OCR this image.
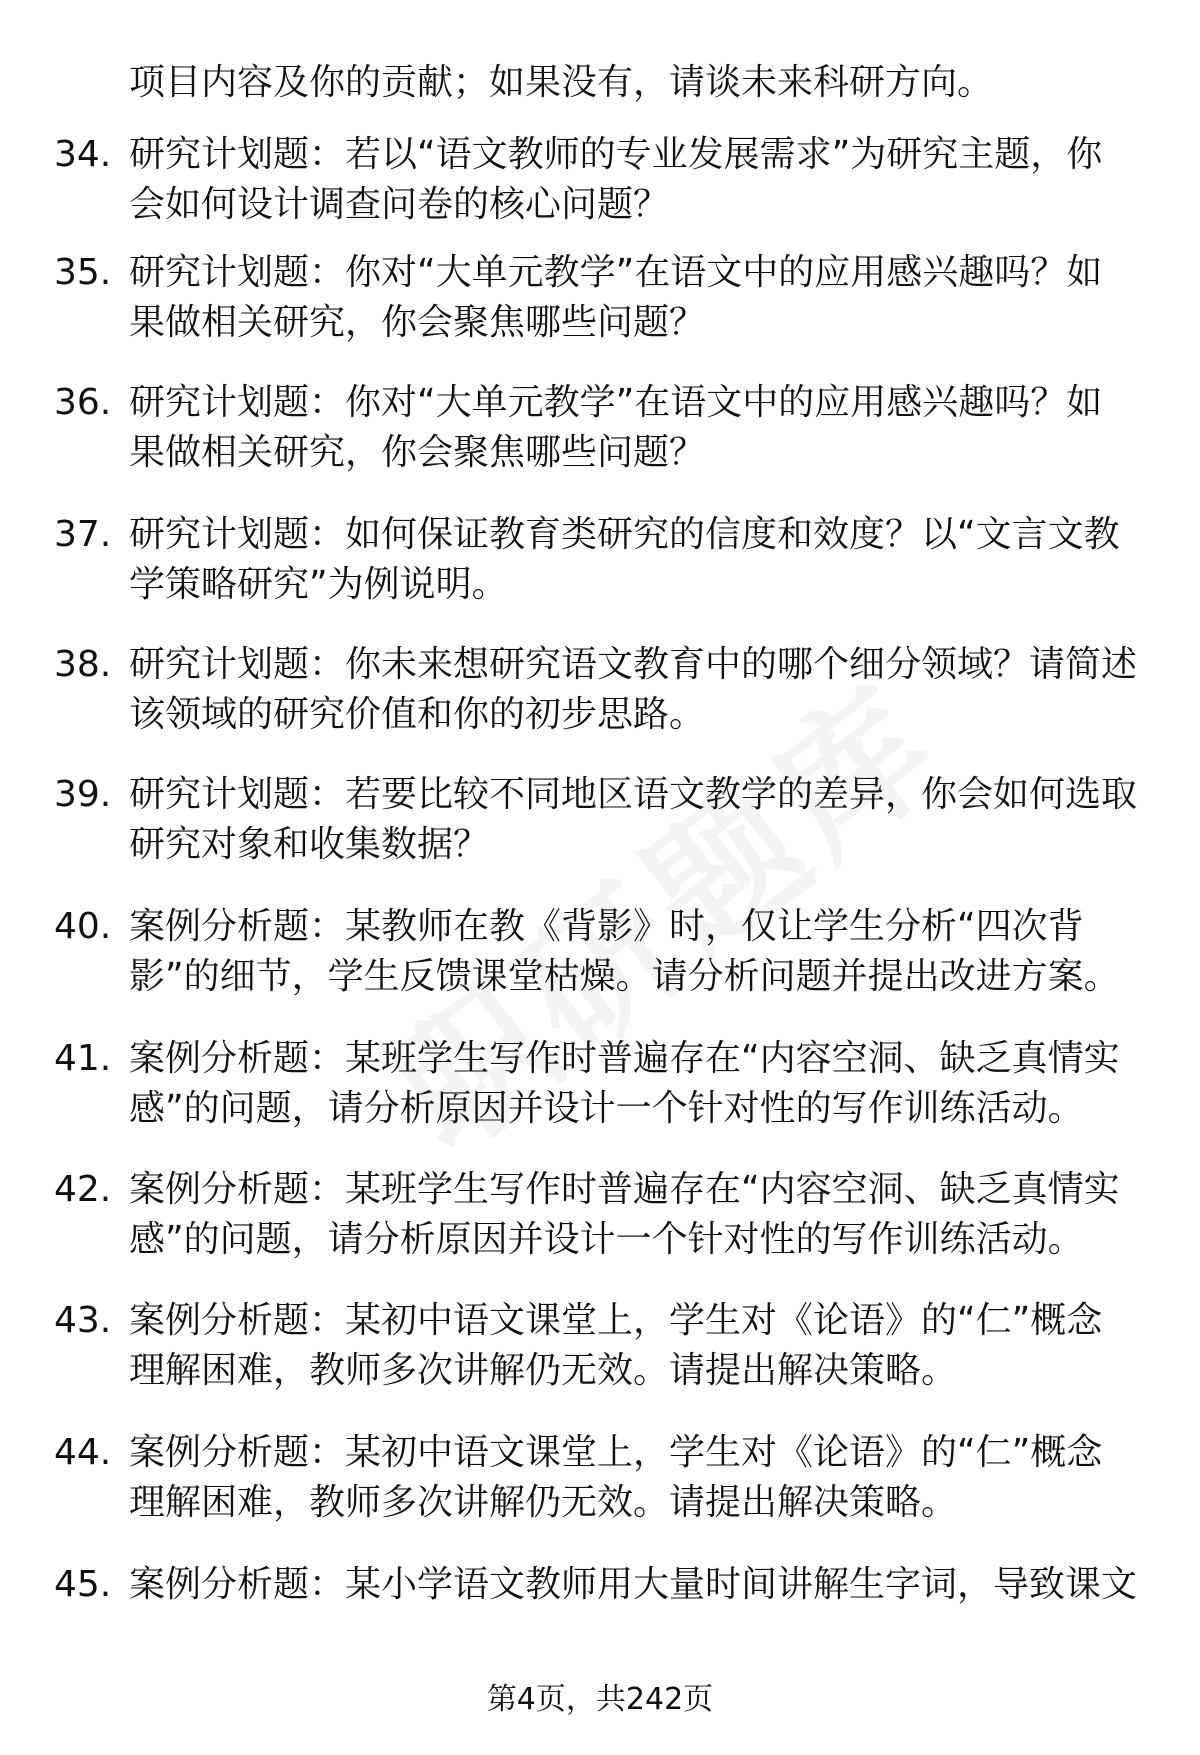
项目内容及你的贡献；如果没有，请谈未来科研方向。
34. 研究计划题：若以“语文教师的专业发展需求”为研究主题，你
会如何设计调查问卷的核心问题？
35. 研究计划题：你对“大单元教学”在语文中的应用感兴趣吗？如
果做相关研究，你会聚焦哪些问题？
36. 研究计划题：你对“大单元教学”在语文中的应用感兴趣吗？如
果做相关研究，你会聚焦哪些问题？
37. 研究计划题：如何保证教育类研究的信度和效度？以“文言文教
学策略研究”为例说明。
38. 研究计划题：你未来想研究语文教育中的哪个细分领域？请简述
该领域的研究价值和你的初步思路。
39. 研究计划题：若要比较不同地区语文教学的差异，你会如何选取
研究对象和收集数据？
40. 案例分析题：某教师在教《背影》时，仅让学生分析“四次背
影”的细节，学生反馈课堂枯燥。请分析问题并提出改进方案。
41. 案例分析题：某班学生写作时普遍存在“内容空洞、缺乏真情实
感”的问题，请分析原因并设计一个针对性的写作训练活动。
42. 案例分析题：某班学生写作时普遍存在“内容空洞、缺乏真情实
感”的问题，请分析原因并设计一个针对性的写作训练活动。
43. 案例分析题：某初中语文课堂上，学生对《论语》的“仁”概念
理解困难，教师多次讲解仍无效。请提出解决策略。
44. 案例分析题：某初中语文课堂上，学生对《论语》的“仁”概念
理解困难，教师多次讲解仍无效。请提出解决策略。
45. 案例分析题：某小学语文教师用大量时间讲解生字词，导致课文
第4页，共242页
